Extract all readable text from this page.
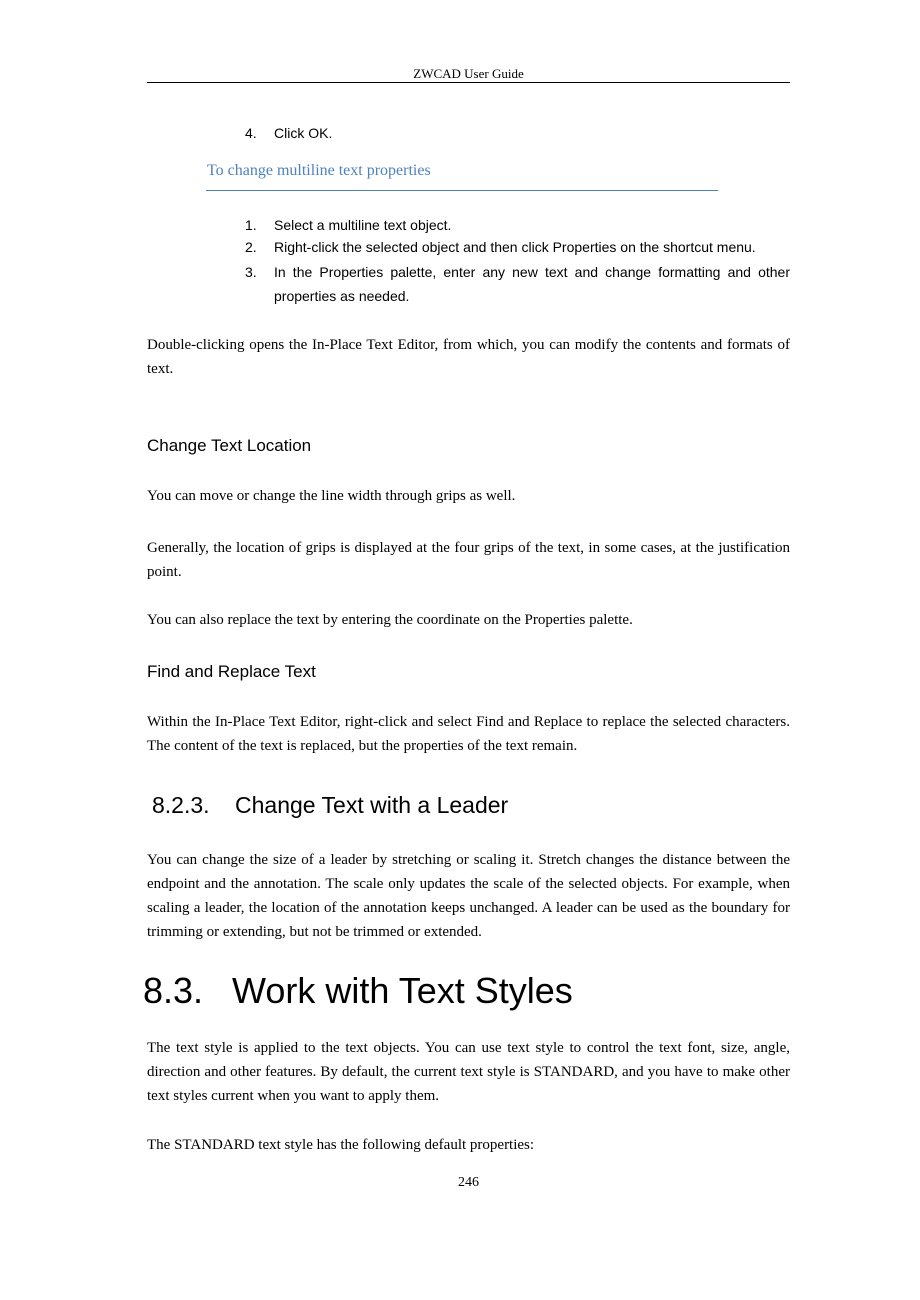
ZWCAD User Guide
4. Click OK.
To change multiline text properties
1. Select a multiline text object.
2. Right-click the selected object and then click Properties on the shortcut menu.
3. In the Properties palette, enter any new text and change formatting and other properties as needed.
Double-clicking opens the In-Place Text Editor, from which, you can modify the contents and formats of text.
Change Text Location
You can move or change the line width through grips as well.
Generally, the location of grips is displayed at the four grips of the text, in some cases, at the justification point.
You can also replace the text by entering the coordinate on the Properties palette.
Find and Replace Text
Within the In-Place Text Editor, right-click and select Find and Replace to replace the selected characters. The content of the text is replaced, but the properties of the text remain.
8.2.3. Change Text with a Leader
You can change the size of a leader by stretching or scaling it. Stretch changes the distance between the endpoint and the annotation. The scale only updates the scale of the selected objects. For example, when scaling a leader, the location of the annotation keeps unchanged. A leader can be used as the boundary for trimming or extending, but not be trimmed or extended.
8.3. Work with Text Styles
The text style is applied to the text objects. You can use text style to control the text font, size, angle, direction and other features. By default, the current text style is STANDARD, and you have to make other text styles current when you want to apply them.
The STANDARD text style has the following default properties:
246
